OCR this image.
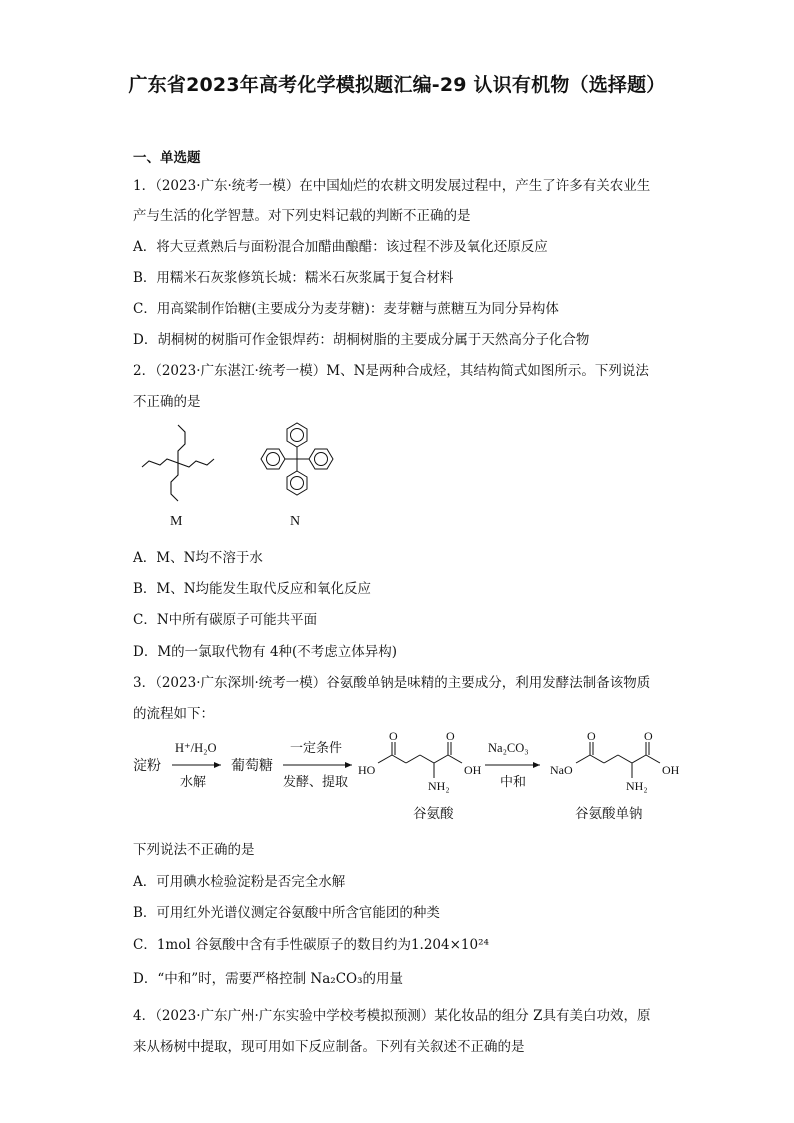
广东省2023年高考化学模拟题汇编-29 认识有机物（选择题）
一、单选题
1．（2023·广东·统考一模）在中国灿烂的农耕文明发展过程中，产生了许多有关农业生
产与生活的化学智慧。对下列史料记载的判断不正确的是
A．将大豆煮熟后与面粉混合加醋曲酿醋：该过程不涉及氧化还原反应
B．用糯米石灰浆修筑长城：糯米石灰浆属于复合材料
C．用高粱制作饴糖(主要成分为麦芽糖)：麦芽糖与蔗糖互为同分异构体
D．胡桐树的树脂可作金银焊药：胡桐树脂的主要成分属于天然高分子化合物
2．（2023·广东湛江·统考一模）M、N是两种合成烃，其结构简式如图所示。下列说法
不正确的是
M	N
A．M、N均不溶于水
B．M、N均能发生取代反应和氧化反应
C．N中所有碳原子可能共平面
D．M的一氯取代物有 4种(不考虑立体异构)
3．（2023·广东深圳·统考一模）谷氨酸单钠是味精的主要成分，利用发酵法制备该物质
的流程如下：
淀粉
H⁺/H₂O
水解
葡萄糖
一定条件
发酵、提取
HO
O	O
OH
NH₂
谷氨酸
Na₂CO₃
中和
NaO
O	O
OH
NH₂
谷氨酸单钠
下列说法不正确的是
A．可用碘水检验淀粉是否完全水解
B．可用红外光谱仪测定谷氨酸中所含官能团的种类
C．1mol 谷氨酸中含有手性碳原子的数目约为1.204×10²⁴
D．“中和”时，需要严格控制 Na₂CO₃的用量
4．（2023·广东广州·广东实验中学校考模拟预测）某化妆品的组分 Z具有美白功效，原
来从杨树中提取，现可用如下反应制备。下列有关叙述不正确的是
